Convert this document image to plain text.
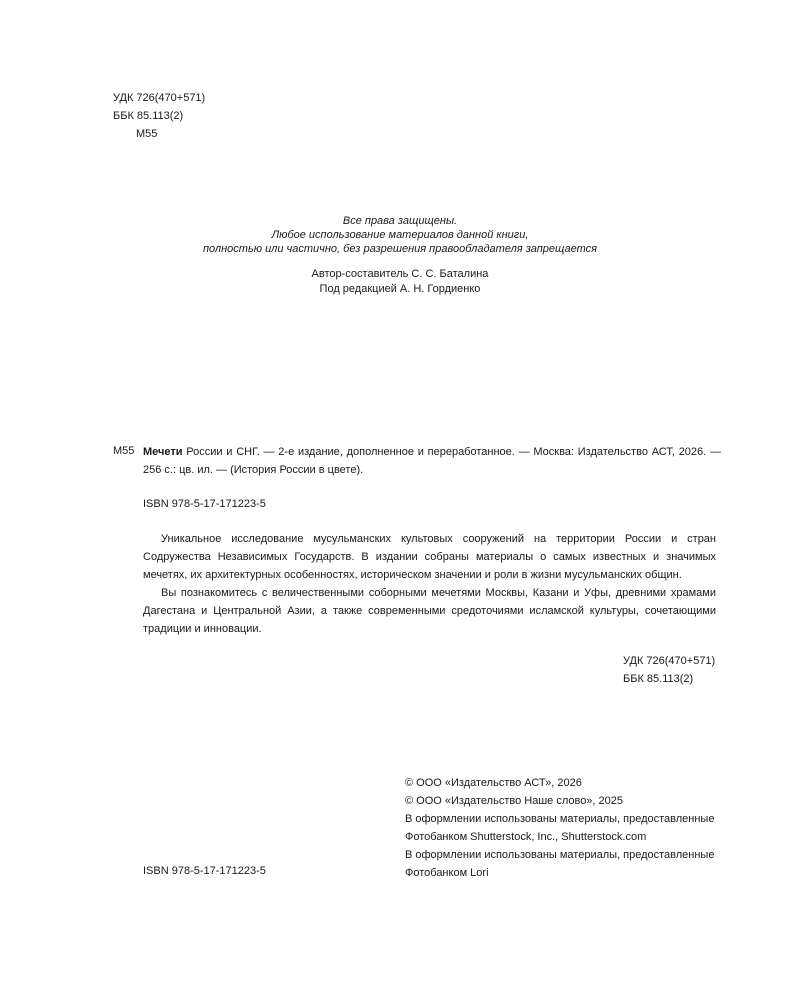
УДК 726(470+571)
ББК 85.113(2)
М55
Все права защищены.
Любое использование материалов данной книги,
полностью или частично, без разрешения правообладателя запрещается
Автор-составитель С. С. Баталина
Под редакцией А. Н. Гордиенко
М55 Мечети России и СНГ. — 2-е издание, дополненное и переработанное. — Москва: Издательство АСТ, 2026. — 256 с.: цв. ил. — (История России в цвете).
ISBN 978-5-17-171223-5

Уникальное исследование мусульманских культовых сооружений на территории России и стран Содружества Независимых Государств. В издании собраны материалы о самых известных и значимых мечетях, их архитектурных особенностях, историческом значении и роли в жизни мусульманских общин.

Вы познакомитесь с величественными соборными мечетями Москвы, Казани и Уфы, древними храмами Дагестана и Центральной Азии, а также современными средоточиями исламской культуры, сочетающими традиции и инновации.

УДК 726(470+571)
ББК 85.113(2)
© ООО «Издательство АСТ», 2026
© ООО «Издательство Наше слово», 2025
В оформлении использованы материалы, предоставленные
Фотобанком Shutterstock, Inc., Shutterstock.com
В оформлении использованы материалы, предоставленные
Фотобанком Lori
ISBN 978-5-17-171223-5
